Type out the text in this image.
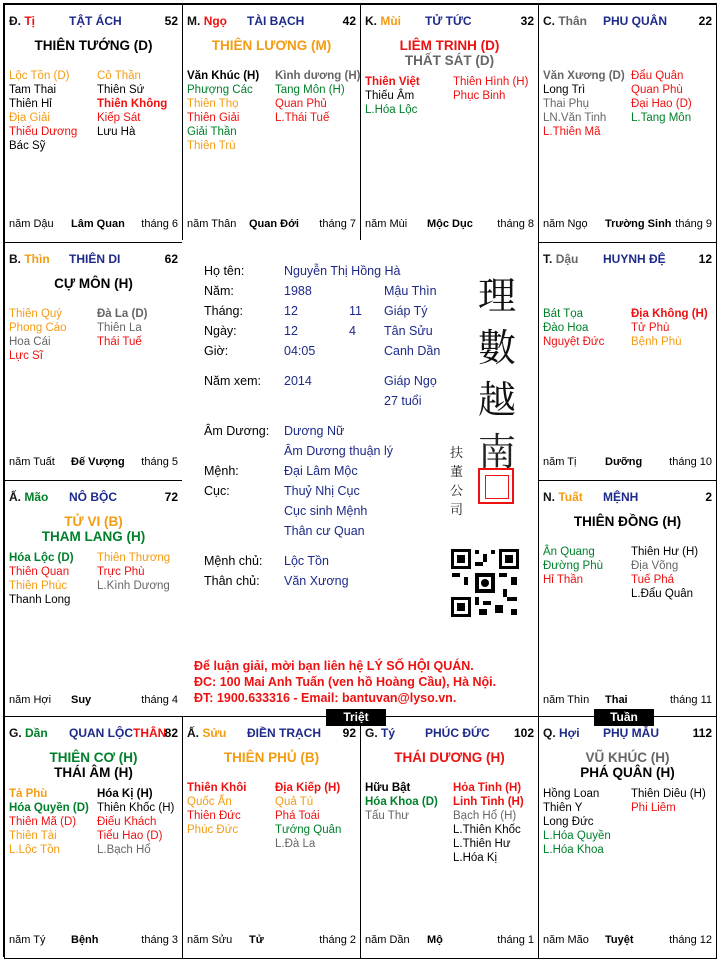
Đ. Tị	TẬT ÁCH	52
THIÊN TƯỚNG (D)
Lộc Tồn (D)
Tam Thai
Thiên Hỉ
Địa Giải
Thiếu Dương
Bác Sỹ
Cô Thần
Thiên Sứ
Thiên Không
Kiếp Sát
Lưu Hà
năm Dậu Lâm Quan tháng 6
M. Ngọ TÀI BẠCH	42
THIÊN LƯƠNG (M)
Văn Khúc (H)
Phượng Các
Thiên Thọ
Thiên Giải
Giải Thần
Thiên Trù
Kình dương (H)
Tang Môn (H)
Quan Phủ
L.Thái Tuế
năm Thân Quan Đới tháng 7
K. Mùi TỬ TỨC	32
LIÊM TRINH (D)
THẤT SÁT (D)
Thiên Việt
Thiếu Âm
L.Hóa Lộc
Thiên Hình (H)
Phục Binh
năm Mùi Mộc Dục tháng 8
C. Thân PHU QUÂN	22
Văn Xương (D)
Long Trì
Thai Phụ
LN.Văn Tinh
L.Thiên Mã
Đẩu Quân
Quan Phù
Đại Hao (D)
L.Tang Môn
năm Ngọ Trường Sinh tháng 9
B. Thìn THIÊN DI	62
CỰ MÔN (H)
Thiên Quý
Phong Cáo
Hoa Cái
Lực Sĩ
Đà La (D)
Thiên La
Thái Tuế
năm Tuất Đế Vượng tháng 5
T. Dậu HUYNH ĐỆ	12
Bát Tọa
Đào Hoa
Nguyệt Đức
Địa Không (H)
Tử Phù
Bệnh Phù
năm Tị	Dưỡng tháng 10
Ấ. Mão NÔ BỘC	72
TỬ VI (B)
THAM LANG (H)
Hóa Lộc (D)
Thiên Quan
Thiên Phúc
Thanh Long
Thiên Thương
Trực Phù
L.Kình Dương
năm Hợi Suy	tháng 4
N. Tuất MỆNH	2
THIÊN ĐỒNG (H)
Ân Quang
Đường Phù
Hỉ Thần
Thiên Hư (H)
Địa Võng
Tuế Phá
L.Đẩu Quân
năm Thìn Thai	tháng 11
G. Dần QUAN LỘC THÂN
82
THIÊN CƠ (H)
THÁI ÂM (H)
Tả Phù
Hóa Quyền (D)
Thiên Mã (D)
Thiên Tài
L.Lộc Tồn
Hóa Kị (H)
Thiên Khốc (H)
Điếu Khách
Tiểu Hao (D)
L.Bạch Hổ
năm Tý Bệnh	tháng 3
Ấ. Sửu ĐIỀN TRẠCH 92
THIÊN PHỦ (B)
Thiên Khôi
Quốc Ấn
Thiên Đức
Phúc Đức
Địa Kiếp (H)
Quả Tú
Phá Toái
Tướng Quân
L.Đà La
năm Sửu Tử	tháng 2
G. Tý PHÚC ĐỨC 102
THÁI DƯƠNG (H)
Hữu Bật
Hóa Khoa (D)
Tấu Thư
Hỏa Tinh (H)
Linh Tinh (H)
Bạch Hổ (H)
L.Thiên Khốc
L.Thiên Hư
L.Hóa Kị
năm Dần Mộ	tháng 1
Q. Hợi PHỤ MẪU	112
VŨ KHÚC (H)
PHÁ QUÂN (H)
Hồng Loan
Thiên Y
Long Đức
L.Hóa Quyền
L.Hóa Khoa
Thiên Diêu (H)
Phi Liêm
năm Mão Tuyệt	tháng 12
Họ tên:	Nguyễn Thị Hồng Hà
Năm:	1988	Mậu Thìn
Tháng:	12	11 Giáp Tý
Ngày:	12	4 Tân Sửu
Giờ:	04:05	Canh Dần
Năm xem: 2014	Giáp Ngọ
27 tuổi
Âm Dương: Dương Nữ
Âm Dương thuận lý
Mệnh:	Đại Lâm Mộc
Cục:	Thuỷ Nhị Cục
Cục sinh Mệnh
Thân cư Quan
Mệnh chủ: Lộc Tồn
Thân chủ: Văn Xương
理
數
越
南
扶
董
公
司
Để luận giải, mời bạn liên hệ LÝ SỐ HỘI QUÁN.
ĐC: 100 Mai Anh Tuấn (ven hồ Hoàng Cầu), Hà Nội.
ĐT: 1900.633316 - Email: bantuvan@lyso.vn.
Triệt	Tuần
